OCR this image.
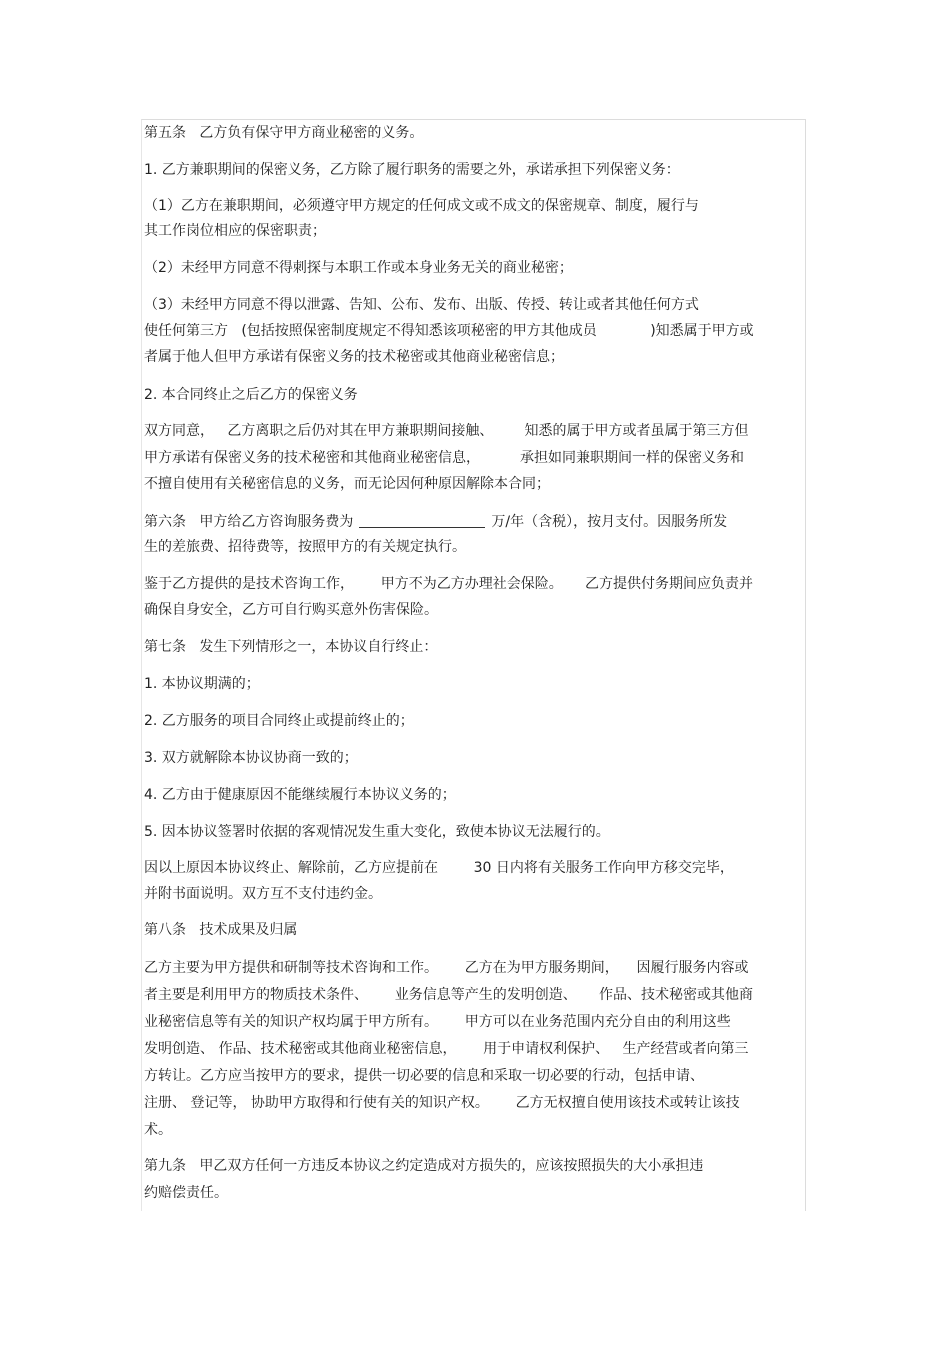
第五条   乙方负有保守甲方商业秘密的义务。
1. 乙方兼职期间的保密义务，乙方除了履行职务的需要之外，承诺承担下列保密义务：
（1）乙方在兼职期间，必须遵守甲方规定的任何成文或不成文的保密规章、制度，履行与
其工作岗位相应的保密职责；
（2）未经甲方同意不得刺探与本职工作或本身业务无关的商业秘密；
（3）未经甲方同意不得以泄露、告知、公布、发布、出版、传授、转让或者其他任何方式
使任何第三方   (包括按照保密制度规定不得知悉该项秘密的甲方其他成员            )知悉属于甲方或
者属于他人但甲方承诺有保密义务的技术秘密或其他商业秘密信息；
2. 本合同终止之后乙方的保密义务
双方同意，   乙方离职之后仍对其在甲方兼职期间接触、       知悉的属于甲方或者虽属于第三方但
甲方承诺有保密义务的技术秘密和其他商业秘密信息，         承担如同兼职期间一样的保密义务和
不擅自使用有关秘密信息的义务，而无论因何种原因解除本合同；
第六条   甲方给乙方咨询服务费为	万/年（含税），按月支付。因服务所发
生的差旅费、招待费等，按照甲方的有关规定执行。
鉴于乙方提供的是技术咨询工作，      甲方不为乙方办理社会保险。     乙方提供付务期间应负责并
确保自身安全，乙方可自行购买意外伤害保险。
第七条   发生下列情形之一，本协议自行终止：
1. 本协议期满的；
2. 乙方服务的项目合同终止或提前终止的；
3. 双方就解除本协议协商一致的；
4. 乙方由于健康原因不能继续履行本协议义务的；
5. 因本协议签署时依据的客观情况发生重大变化，致使本协议无法履行的。
因以上原因本协议终止、解除前，乙方应提前在        30 日内将有关服务工作向甲方移交完毕，
并附书面说明。双方互不支付违约金。
第八条   技术成果及归属
乙方主要为甲方提供和研制等技术咨询和工作。      乙方在为甲方服务期间，    因履行服务内容或
者主要是利用甲方的物质技术条件、      业务信息等产生的发明创造、     作品、技术秘密或其他商
业秘密信息等有关的知识产权均属于甲方所有。      甲方可以在业务范围内充分自由的利用这些
发明创造、 作品、技术秘密或其他商业秘密信息，      用于申请权利保护、   生产经营或者向第三
方转让。乙方应当按甲方的要求，提供一切必要的信息和采取一切必要的行动，包括申请、
注册、 登记等， 协助甲方取得和行使有关的知识产权。      乙方无权擅自使用该技术或转让该技
术。
第九条   甲乙双方任何一方违反本协议之约定造成对方损失的，应该按照损失的大小承担违
约赔偿责任。
